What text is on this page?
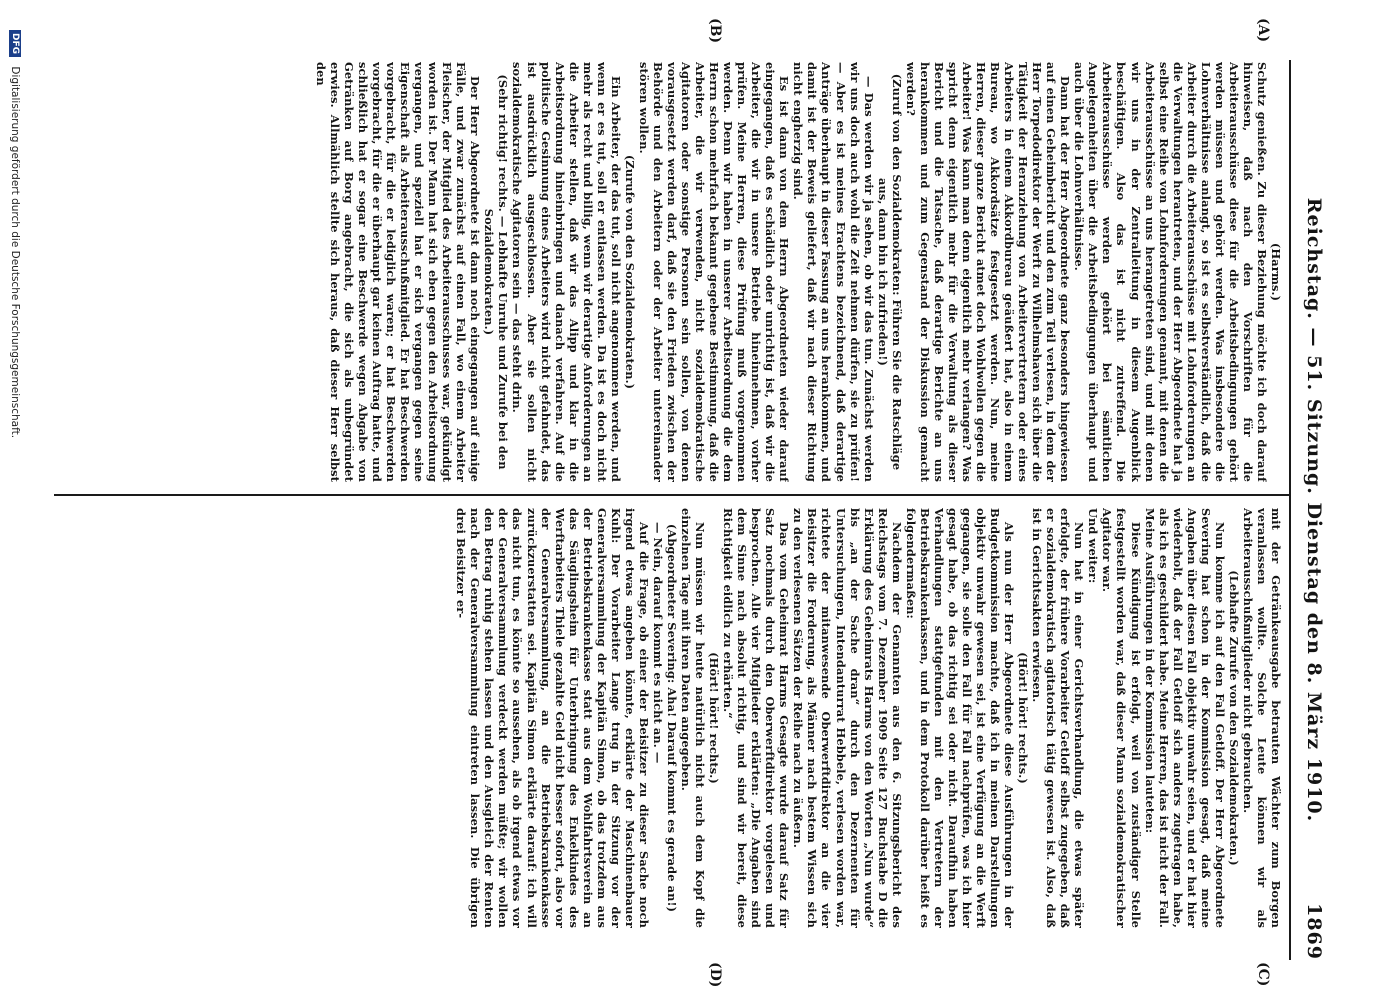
Reichstag. — 51. Sitzung. Dienstag den 8. März 1910.
1869
(A)
(B)
(C)
(D)

(Harms.)

Schutz genießen. Zu dieser Beziehung möchte ich doch darauf hinweisen, daß nach den Vorschriften für die Arbeiterausschüsse diese für die Arbeitsbedingungen gehört werden müssen und gehört werden. Was insbesondere die Lohnverhältnisse anlangt, so ist es selbstverständlich, daß die Arbeiter durch die Arbeiterausschüsse mit Lohnforderungen an die Verwaltungen herantreten, und der Herr Abgeordnete hat ja selbst eine Reihe von Lohnforderungen genannt, mit denen die Arbeiterausschüsse an uns herangetreten sind, und mit denen wir uns in der Zentralleitung in diesem Augenblick beschäftigen. Also das ist nicht zutreffend. Die Arbeiterausschüsse werden gehört bei sämtlichen Angelegenheiten über die Arbeitsbedingungen überhaupt und auch über die Lohnverhältnisse.

Dann hat der Herr Abgeordnete ganz besonders hingewiesen auf einen Geheimbericht und den zum Teil verlesen, in dem der Herr Torpedodirektor der Werft zu Wilhelmshaven sich über die Tätigkeit der Heranziehung von Arbeitervertretern oder eines Arbeiters in einem Akkordbureau geäußert hat, also in einem Bureau, wo Akkordsätze festgesetzt werden. Nun, meine Herren, dieser ganze Bericht atmet doch Wohlwollen gegen die Arbeiter! Was kann man denn eigentlich mehr verlangen? Was spricht denn eigentlich mehr für die Verwaltung als dieser Bericht und die Tatsache, daß derartige Berichte an uns herankommen und zum Gegenstand der Diskussion gemacht werden?

(Zuruf von den Sozialdemokraten: Führen Sie die Ratschläge aus, dann bin ich zufrieden!)

— Das werden wir ja sehen, ob wir das tun. Zunächst werden wir uns doch auch wohl die Zeit nehmen dürfen, sie zu prüfen! — Aber es ist meines Erachtens bezeichnend, daß derartige Anträge überhaupt in dieser Fassung an uns herankommen, und damit ist der Beweis geliefert, daß wir nach dieser Richtung nicht engherzig sind.

Es ist dann von dem Herrn Abgeordneten wieder darauf eingegangen, daß es schädlich oder unrichtig ist, daß wir die Arbeiter, die wir in unsere Betriebe hineinnehmen, vorher prüfen. Meine Herren, diese Prüfung muß vorgenommen werden. Denn wir haben in unserer Arbeitsordnung die dem Herrn schon mehrfach bekannt gegebene Bestimmung, daß die Arbeiter, die wir verwenden, nicht sozialdemokratische Agitatoren oder sonstige Personen sein sollen, von denen vorausgesetzt werden darf, daß sie den Frieden zwischen der Behörde und den Arbeitern oder der Arbeiter untereinander stören wollen.

(Zurufe von den Sozialdemokraten.)

Ein Arbeiter, der das tut, soll nicht angenommen werden, und wenn er es tut, soll er entlassen werden. Da ist es doch nicht mehr als recht und billig, wenn wir derartige Anforderungen an die Arbeiter stellen, daß wir das Alipp und klar in die Arbeitsordnung hineinbringen und danach verfahren. Auf die politische Gesinnung eines Arbeiters wird nicht gefahndet, das ist ausdrücklich ausgeschlossen. Aber sie sollen nicht sozialdemokratische Agitatoren sein — das steht drin.

(Sehr richtig! rechts. — Lebhafte Unruhe und Zurufe bei den Sozialdemokraten.)

Der Herr Abgeordnete ist dann noch eingegangen auf einige Fälle, und zwar zunächst auf einen Fall, wo einem Arbeiter Fleischer, der Mitglied des Arbeiterausschusses war, gekündigt worden ist. Der Mann hat sich eben gegen den Arbeitsordnung vergangen, und speziell hat er sich vergangen gegen seine Eigenschaft als Arbeiterausschußmitglied. Er hat Beschwerden vorgebracht, für die er lediglich waren; er hat Beschwerden vorgebracht, für die er überhaupt gar keinen Auftrag hatte, und schließlich hat er sogar eine Beschwerde wegen Abgabe von Getränken auf Borg angebracht, die sich als unbegründet erwies. Allmählich stellte sich heraus, daß dieser Herr selbst den

mit der Getränkeausgabe betrauten Wächter zum Borgen veranlassen wollte. Solche Leute können wir als Arbeiterausschußmitglieder nicht gebrauchen.

(Lebhafte Zurufe von den Sozialdemokraten.)

Nun komme ich auf den Fall Getloff. Der Herr Abgeordnete Severing hat schon in der Kommission gesagt, daß meine Angaben über diesen Fall objektiv unwahr seien, und er hat hier wiederholt, daß der Fall Getloff sich anders zugetragen habe, als ich es geschildert habe. Meine Herren, das ist nicht der Fall. Meine Ausführungen in der Kommission lauteten:

Diese Kündigung ist erfolgt, weil von zuständiger Stelle festgestellt worden war, daß dieser Mann sozialdemokratischer Agitator war.

Und weiter:

Nun hat in einer Gerichtsverhandlung, die etwas später erfolgte, der frühere Vorarbeiter Getloff selbst zugegeben, daß er sozialdemokratisch agitatorisch tätig gewesen ist. Also, daß ist in Gerichtsakten erwiesen.

(Hört! hört! rechts.)

Als nun der Herr Abgeordnete diese Ausführungen in der Budgetkommission machte, daß ich in meinen Darstellungen objektiv unwahr gewesen sei, ist eine Verfügung an die Werft gegangen, sie solle den Fall für Fall nachprüfen, was ich hier gesagt habe, ob das richtig sei oder nicht. Daraufhin haben Verhandlungen stattgefunden mit den Vertretern der Betriebskrankenkassen, und in dem Protokoll darüber heißt es folgendermaßen:

Nachdem der Genannten aus den 6. Sitzungsbericht des Reichstags vom 7. Dezember 1909 Seite 127 Buchstabe D die Erklärung des Geheimrats Harms von den Worten „Nun wurde“ bis „an der Sache dran“ durch den Dezernenten für Untersuchungen, Intendanturrat Hebbele, verlesen worden war, richtete der mitanwesende Oberwerftdirektor an die vier Beisitzer die Forderung, als Männer nach bestem Wissen sich zu den verlesenen Sätzen der Reihe nach zu äußern.

Das vom Geheimrat Harms Gesagte wurde darauf Satz für Satz nochmals durch den Oberwerftdirektor vorgelesen und besprochen. Alle vier Mitglieder erklärten: „Die Angaben sind dem Sinne nach absolut richtig, und sind wir bereit, diese Richtigkeit eidlich zu erhärten.“

(Hört! hört! rechts.)

Nun müssen wir heute natürlich nicht auch dem Kopf die einzelnen Tage mit ihren Daten angegeben.

(Abgeordneter Severing: Aha! Darauf kommt es gerade an!)

— Nein, darauf kommt es nicht an. —

Auf die Frage, ob einer der Beisitzer zu dieser Sache noch irgend etwas angeben könnte, erklärte der Maschinenbauer Kuhl: Der Vorarbeiter Lange trug in der Sitzung vor der Generalversammlung der Kapitän Simon, ob das trotzdem aus der Betriebskrankenkasse statt aus dem Wohlfahrtsverein an das Säuglingsheim für Unterbringung des Enkelkindes des Werftarbeiters Thiele gezahlte Geld nicht besser sofort, also vor der Generalversammlung, an die Betriebskrankenkasse zurückzuerstatten sei. Kapitän Simon erklärte darauf: ich will das nicht tun, es könnte so aussehen, als ob irgend etwas vor der Generalversammlung verdeckt werden müßte; wir wollen den Betrag ruhig stehen lassen und den Ausgleich der Renten nach der Generalversammlung eintreten lassen. Die übrigen drei Beisitzer er-

DFG Digitalisierung gefördert durch die Deutsche Forschungsgemeinschaft.
